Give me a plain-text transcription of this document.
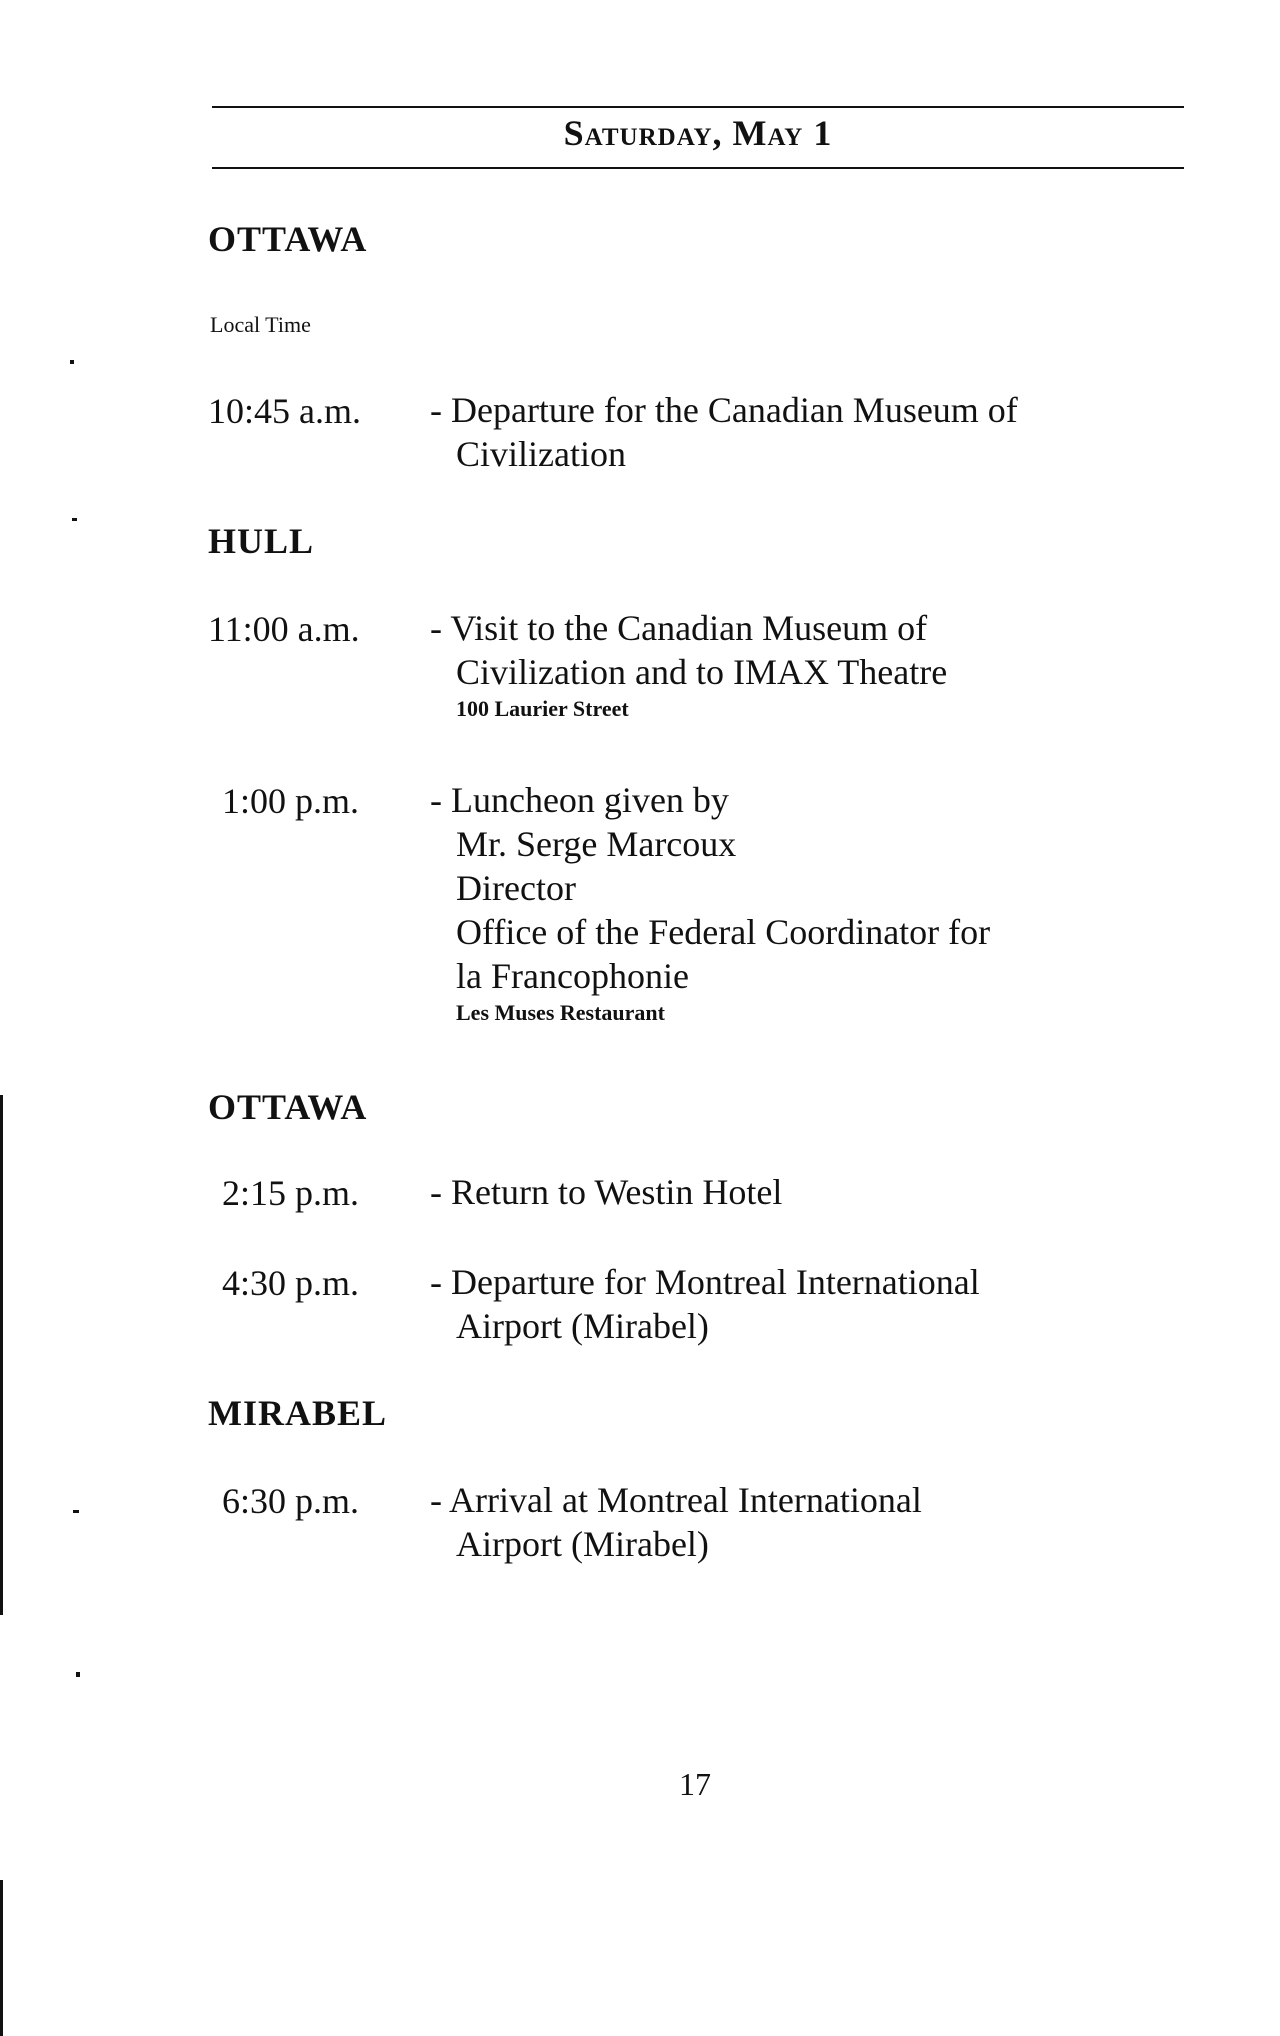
Saturday, May 1
OTTAWA
Local Time
10:45 a.m. - Departure for the Canadian Museum of
Civilization
HULL
11:00 a.m. - Visit to the Canadian Museum of
Civilization and to IMAX Theatre
100 Laurier Street
1:00 p.m. - Luncheon given by
Mr. Serge Marcoux
Director
Office of the Federal Coordinator for
la Francophonie
Les Muses Restaurant
OTTAWA
2:15 p.m. - Return to Westin Hotel
4:30 p.m. - Departure for Montreal International
Airport (Mirabel)
MIRABEL
6:30 p.m. - Arrival at Montreal International
Airport (Mirabel)
17
